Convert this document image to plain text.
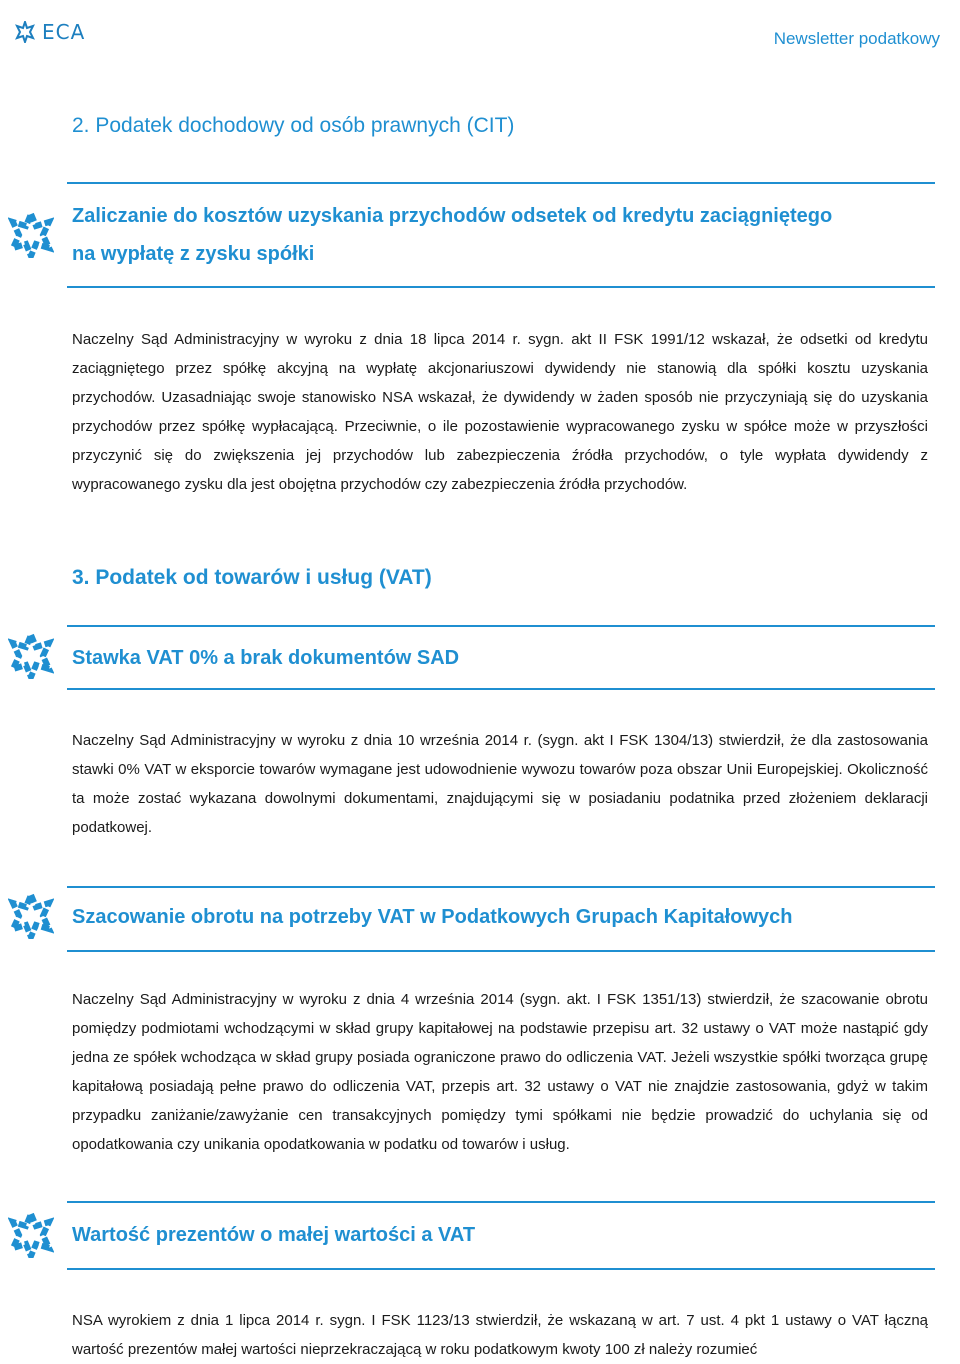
ECA	Newsletter podatkowy
2. Podatek dochodowy od osób prawnych (CIT)
Zaliczanie do kosztów uzyskania przychodów odsetek od kredytu zaciągniętego
na wypłatę z zysku spółki

Naczelny Sąd Administracyjny w wyroku z dnia 18 lipca 2014 r. sygn. akt II FSK 1991/12 wskazał, że odsetki od kredytu zaciągniętego przez spółkę akcyjną na wypłatę akcjonariuszowi dywidendy nie stanowią dla spółki kosztu uzyskania przychodów. Uzasadniając swoje stanowisko NSA wskazał, że dywidendy w żaden sposób nie przyczyniają się do uzyskania przychodów przez spółkę wypłacającą. Przeciwnie, o ile pozostawienie wypracowanego zysku w spółce może w przyszłości przyczynić się do zwiększenia jej przychodów lub zabezpieczenia źródła przychodów, o tyle wypłata dywidendy z wypracowanego zysku dla jest obojętna przychodów czy zabezpieczenia źródła przychodów.

3. Podatek od towarów i usług (VAT)
Stawka VAT 0% a brak dokumentów SAD

Naczelny Sąd Administracyjny w wyroku z dnia 10 września 2014 r. (sygn. akt I FSK 1304/13) stwierdził, że dla zastosowania stawki 0% VAT w eksporcie towarów wymagane jest udowodnienie wywozu towarów poza obszar Unii Europejskiej. Okoliczność ta może zostać wykazana dowolnymi dokumentami, znajdującymi się w posiadaniu podatnika przed złożeniem deklaracji podatkowej.

Szacowanie obrotu na potrzeby VAT w Podatkowych Grupach Kapitałowych

Naczelny Sąd Administracyjny w wyroku z dnia 4 września 2014 (sygn. akt. I FSK 1351/13) stwierdził, że szacowanie obrotu pomiędzy podmiotami wchodzącymi w skład grupy kapitałowej na podstawie przepisu art. 32 ustawy o VAT może nastąpić gdy jedna ze spółek wchodząca w skład grupy posiada ograniczone prawo do odliczenia VAT. Jeżeli wszystkie spółki tworząca grupę kapitałową posiadają pełne prawo do odliczenia VAT, przepis art. 32 ustawy o VAT nie znajdzie zastosowania, gdyż w takim przypadku zaniżanie/zawyżanie cen transakcyjnych pomiędzy tymi spółkami nie będzie prowadzić do uchylania się od opodatkowania czy unikania opodatkowania w podatku od towarów i usług.

Wartość prezentów o małej wartości a VAT

NSA wyrokiem z dnia 1 lipca 2014 r. sygn. I FSK 1123/13 stwierdził, że wskazaną w art. 7 ust. 4 pkt 1 ustawy o VAT łączną wartość prezentów małej wartości nieprzekraczającą w roku podatkowym kwoty 100 zł należy rozumieć
